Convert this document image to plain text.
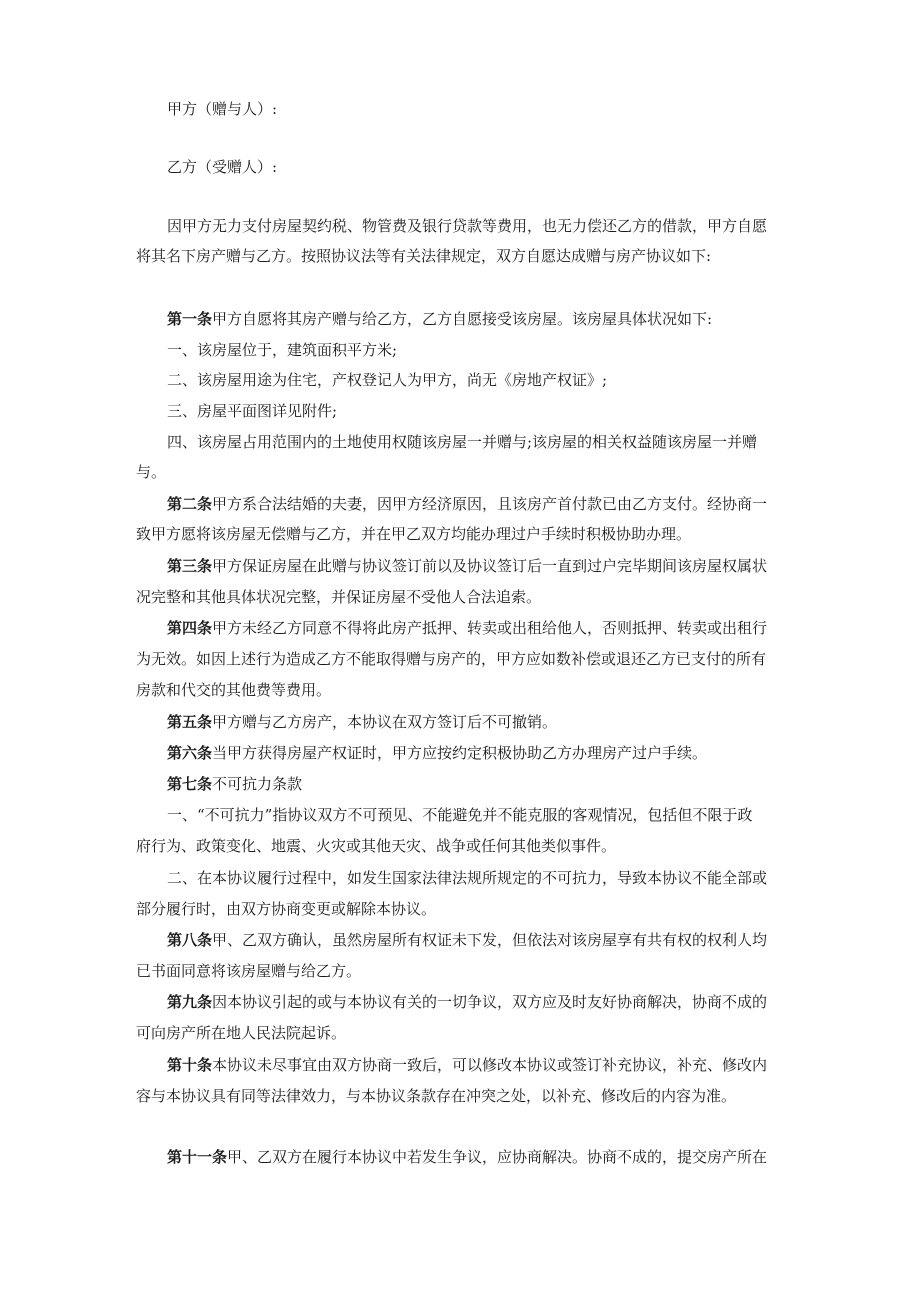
甲方（赠与人）:
乙方（受赠人）:
因甲方无力支付房屋契约税、物管费及银行贷款等费用，也无力偿还乙方的借款，甲方自愿
将其名下房产赠与乙方。按照协议法等有关法律规定，双方自愿达成赠与房产协议如下:
第一条甲方自愿将其房产赠与给乙方，乙方自愿接受该房屋。该房屋具体状况如下:
一、该房屋位于，建筑面积平方米;
二、该房屋用途为住宅，产权登记人为甲方，尚无《房地产权证》;
三、房屋平面图详见附件;
四、该房屋占用范围内的土地使用权随该房屋一并赠与;该房屋的相关权益随该房屋一并赠
与。
第二条甲方系合法结婚的夫妻，因甲方经济原因，且该房产首付款已由乙方支付。经协商一
致甲方愿将该房屋无偿赠与乙方，并在甲乙双方均能办理过户手续时积极协助办理。
第三条甲方保证房屋在此赠与协议签订前以及协议签订后一直到过户完毕期间该房屋权属状
况完整和其他具体状况完整，并保证房屋不受他人合法追索。
第四条甲方未经乙方同意不得将此房产抵押、转卖或出租给他人，否则抵押、转卖或出租行
为无效。如因上述行为造成乙方不能取得赠与房产的，甲方应如数补偿或退还乙方已支付的所有
房款和代交的其他费等费用。
第五条甲方赠与乙方房产，本协议在双方签订后不可撤销。
第六条当甲方获得房屋产权证时，甲方应按约定积极协助乙方办理房产过户手续。
第七条不可抗力条款
一、“不可抗力”指协议双方不可预见、不能避免并不能克服的客观情况，包括但不限于政
府行为、政策变化、地震、火灾或其他天灾、战争或任何其他类似事件。
二、在本协议履行过程中，如发生国家法律法规所规定的不可抗力，导致本协议不能全部或
部分履行时，由双方协商变更或解除本协议。
第八条甲、乙双方确认，虽然房屋所有权证未下发，但依法对该房屋享有共有权的权利人均
已书面同意将该房屋赠与给乙方。
第九条因本协议引起的或与本协议有关的一切争议，双方应及时友好协商解决，协商不成的
可向房产所在地人民法院起诉。
第十条本协议未尽事宜由双方协商一致后，可以修改本协议或签订补充协议，补充、修改内
容与本协议具有同等法律效力，与本协议条款存在冲突之处，以补充、修改后的内容为准。
第十一条甲、乙双方在履行本协议中若发生争议，应协商解决。协商不成的，提交房产所在
